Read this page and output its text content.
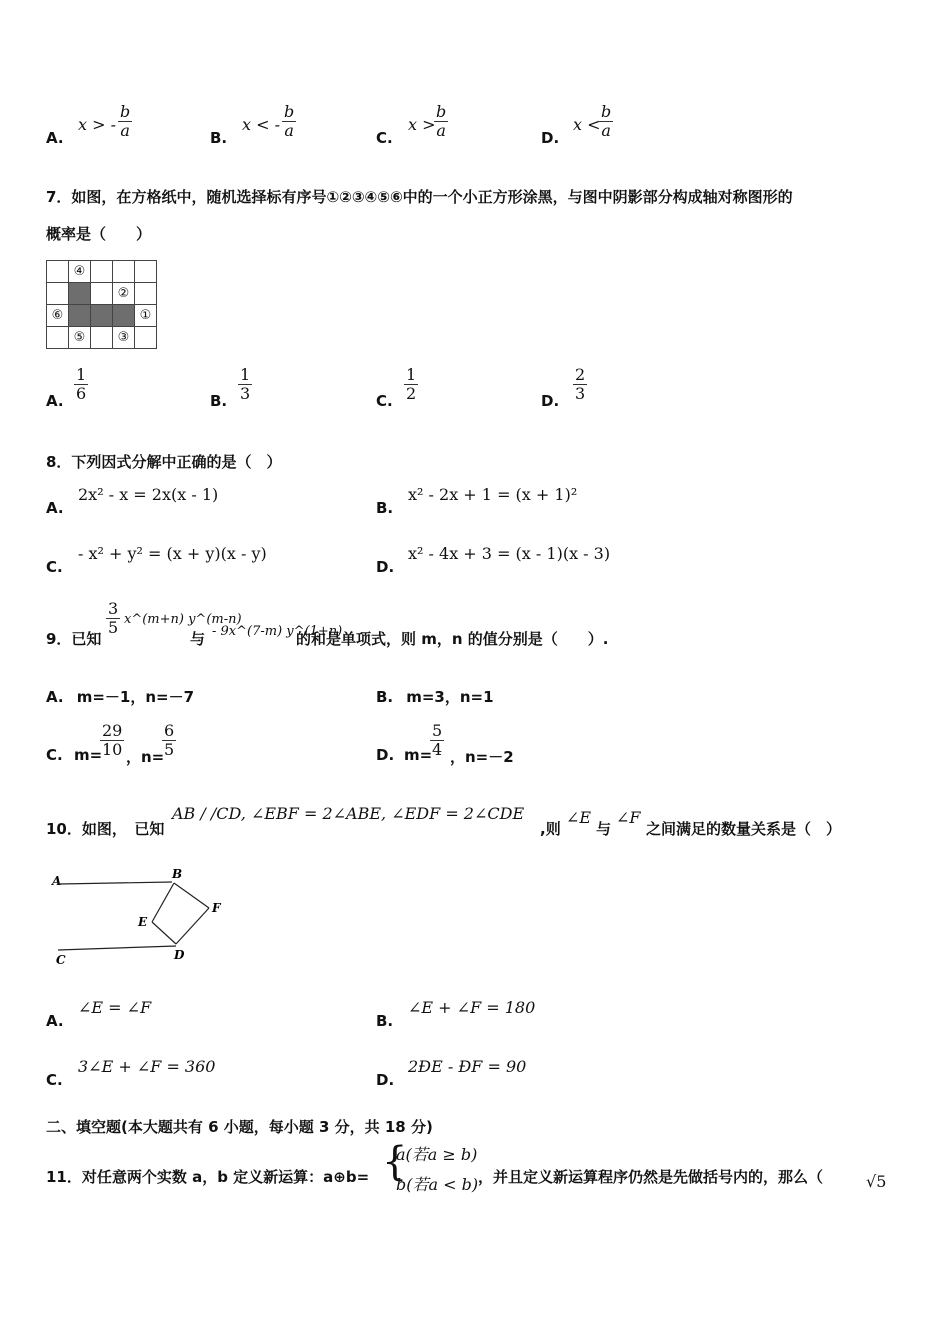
A.
x > - $\frac{b}{a}$	B.
x < - $\frac{b}{a}$	C.
x >
$\frac{b}{a}$	D.
x <
$\frac{b}{a}$
7．如图，在方格纸中，随机选择标有序号①②③④⑤⑥中的一个小正方形涂黑，与图中阴影部分构成轴对称图形的
概率是（　　）
	④			
			②	
⑥				①
	⑤		③	
A. $\frac{1}{6}$	B. $\frac{1}{3}$	C. $\frac{1}{2}$	D. $\frac{2}{3}$
8．下列因式分解中正确的是（　）
A.
2x² - x = 2x(x - 1)
B.
x² - 2x + 1 = (x + 1)²
C.
- x² + y² = (x + y)(x - y)
D.
x² - 4x + 3 = (x - 1)(x - 3)
9．已知
$\frac{3}{5}$ x^(m+n) y^(m-n)
与 - 9x^(7-m) y^(1+n)
的和是单项式，则 m，n 的值分别是（　　）.
A. m=－1，n=－7	B. m=3，n=1
C. m=
$\frac{29}{10}$ ，n=
$\frac{6}{5}$	D. m=
$\frac{5}{4}$ ，n=－2
10．如图，　已知
AB / /CD, ∠EBF = 2∠ABE, ∠EDF = 2∠CDE
,则
∠E
与
∠F
之间满足的数量关系是（　）
A	B
E
F
C	D
A.
∠E = ∠F
B.
∠E + ∠F = 180
C.
3∠E + ∠F = 360
D.
2ÐE - ÐF = 90
二、填空题(本大题共有 6 小题，每小题 3 分，共 18 分)
11．对任意两个实数 a，b 定义新运算：a⊕b= {
a(若a ≥ b)
b(若a < b) ，并且定义新运算程序仍然是先做括号内的，那么（	√5
